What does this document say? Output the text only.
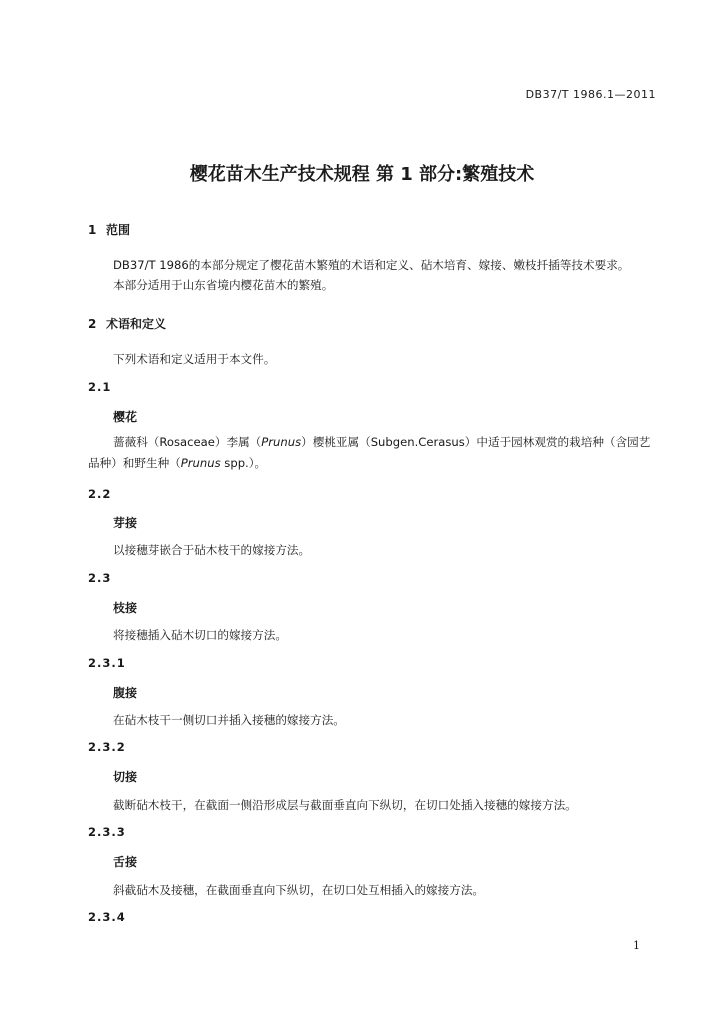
DB37/T 1986.1—2011
樱花苗木生产技术规程 第 1 部分:繁殖技术
1 范围
DB37/T 1986的本部分规定了樱花苗木繁殖的术语和定义、砧木培育、嫁接、嫩枝扦插等技术要求。
本部分适用于山东省境内樱花苗木的繁殖。
2 术语和定义
下列术语和定义适用于本文件。
2.1
樱花
蔷薇科（Rosaceae）李属（Prunus）樱桃亚属（Subgen.Cerasus）中适于园林观赏的栽培种（含园艺品种）和野生种（Prunus spp.）。
2.2
芽接
以接穗芽嵌合于砧木枝干的嫁接方法。
2.3
枝接
将接穗插入砧木切口的嫁接方法。
2.3.1
腹接
在砧木枝干一侧切口并插入接穗的嫁接方法。
2.3.2
切接
截断砧木枝干，在截面一侧沿形成层与截面垂直向下纵切，在切口处插入接穗的嫁接方法。
2.3.3
舌接
斜截砧木及接穗，在截面垂直向下纵切，在切口处互相插入的嫁接方法。
2.3.4
1
